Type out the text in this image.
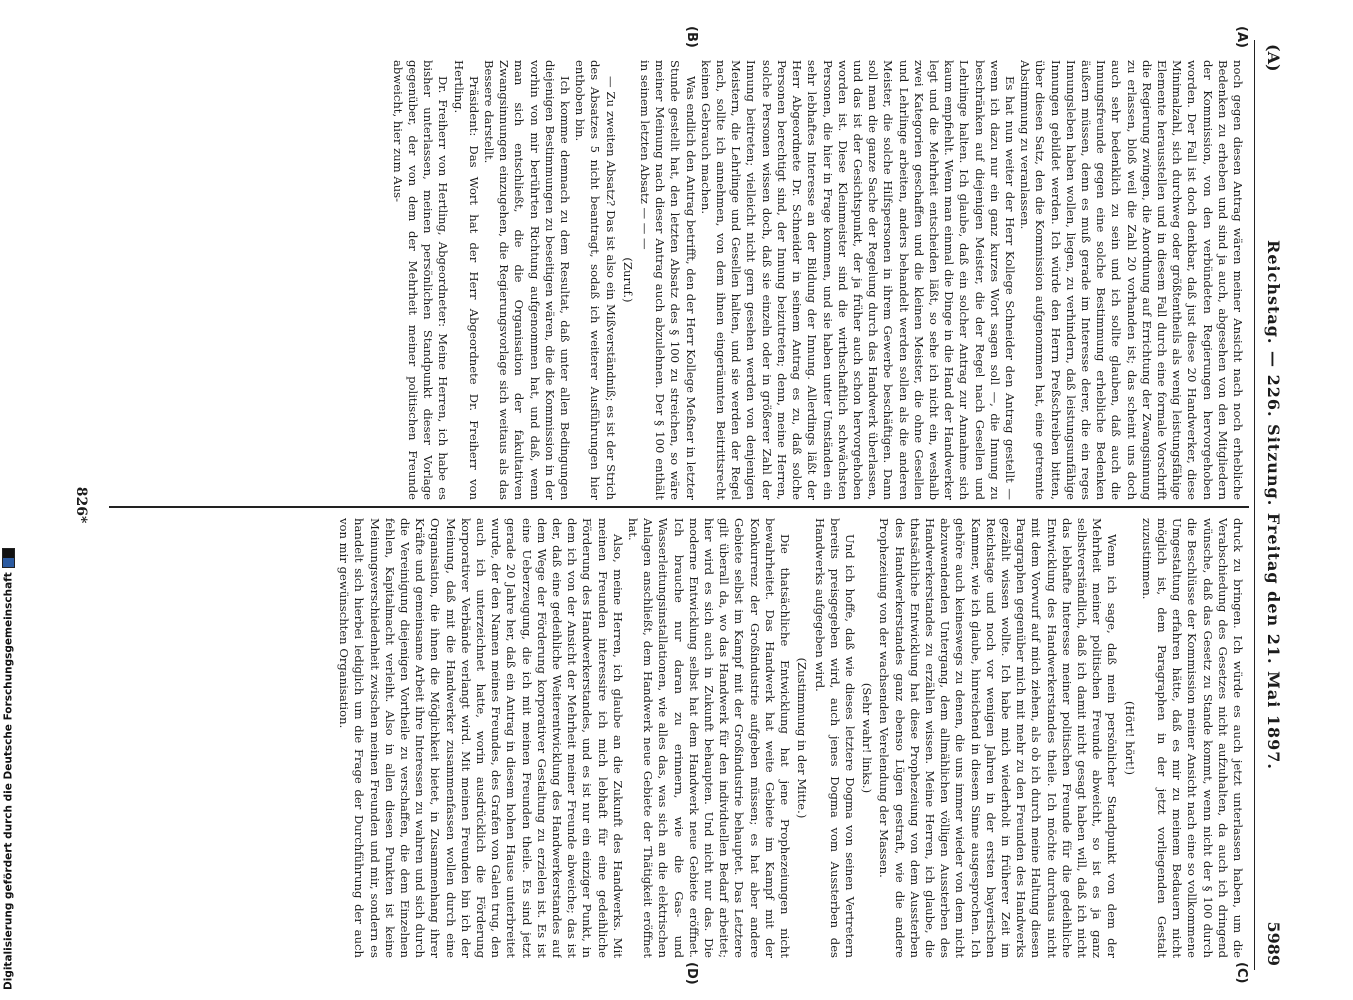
(A)
Reichstag. — 226. Sitzung. Freitag den 21. Mai 1897.
5989
(A)
(B)
(C)
(D)

noch gegen diesen Antrag wären meiner Ansicht nach noch erhebliche Bedenken zu erheben und sind ja auch, abgesehen von den Mitgliedern der Kommission, von den verbündeten Regierungen hervorgehoben worden. Der Fall ist doch denkbar, daß just diese 20 Handwerker, diese Minimalzahl, sich durchweg oder größtentheils als wenig leistungsfähige Elemente herausstellen und in diesem Fall durch eine formale Vorschrift die Regierung zwingen, die Anordnung auf Errichtung der Zwangsinnung zu erlassen, bloß weil die Zahl 20 vorhanden ist; das scheint uns doch auch sehr bedenklich zu sein und ich sollte glauben, daß auch die Innungsfreunde gegen eine solche Bestimmung erhebliche Bedenken äußern müssen, denn es muß gerade im Interesse derer, die ein reges Innungsleben haben wollen, liegen, zu verhindern, daß leistungsunfähige Innungen gebildet werden. Ich würde den Herrn Preßschreiben bitten, über diesen Satz, den die Kommission aufgenommen hat, eine getrennte Abstimmung zu veranlassen.

Es hat nun weiter der Herr Kollege Schneider den Antrag gestellt — wenn ich dazu nur ein ganz kurzes Wort sagen soll —, die Innung zu beschränken auf diejenigen Meister, die der Regel nach Gesellen und Lehrlinge halten. Ich glaube, daß ein solcher Antrag zur Annahme sich kaum empfiehlt. Wenn man einmal die Dinge in die Hand der Handwerker legt und die Mehrheit entscheiden läßt, so sehe ich nicht ein, weshalb zwei Kategorien geschaffen und die kleinen Meister, die ohne Gesellen und Lehrlinge arbeiten, anders behandelt werden sollen als die anderen Meister, die solche Hilfspersonen in ihrem Gewerbe beschäftigen. Dann soll man die ganze Sache der Regelung durch das Handwerk überlassen, und das ist der Gesichtspunkt, der ja früher auch schon hervorgehoben worden ist. Diese Kleinmeister sind die wirthschaftlich schwächsten Personen, die hier in Frage kommen, und sie haben unter Umständen ein sehr lebhaftes Interesse an der Bildung der Innung. Allerdings läßt der Herr Abgeordnete Dr. Schneider in seinem Antrag es zu, daß solche Personen berechtigt sind, der Innung beizutreten; denn, meine Herren, solche Personen wissen doch, daß sie einzeln oder in größerer Zahl der Innung beitreten; vielleicht nicht gern gesehen werden von denjenigen Meistern, die Lehrlinge und Gesellen halten, und sie werden der Regel nach, sollte ich annehmen, von dem ihnen eingeräumten Beitrittsrecht keinen Gebrauch machen.

Was endlich den Antrag betrifft, den der Herr Kollege Meßner in letzter Stunde gestellt hat, den letzten Absatz des § 100 zu streichen, so wäre meiner Meinung nach dieser Antrag auch abzulehnen. Der § 100 enthält in seinem letzten Absatz — — —

(Zuruf.)

— Zu zweiten Absatz? Das ist also ein Mißverständniß; es ist der Strich des Absatzes 5 nicht beantragt, sodaß ich weiterer Ausführungen hier enthoben bin.

Ich komme demnach zu dem Resultat, daß unter allen Bedingungen diejenigen Bestimmungen zu beseitigen wären, die die Kommission in der vorhin von mir berührten Richtung aufgenommen hat, und daß, wenn man sich entschließt, die die Organisation der fakultativen Zwangsinnungen einzugehen, die Regierungsvorlage sich weitaus als das Bessere darstellt.

Präsident: Das Wort hat der Herr Abgeordnete Dr. Freiherr von Hertling.

Dr. Freiherr von Hertling, Abgeordneter: Meine Herren, ich habe es bisher unterlassen, meinen persönlichen Standpunkt dieser Vorlage gegenüber, der von dem der Mehrheit meiner politischen Freunde abweicht, hier zum Aus-

druck zu bringen. Ich würde es auch jetzt unterlassen haben, um die Verabschiedung des Gesetzes nicht aufzuhalten, da auch ich dringend wünsche, daß das Gesetz zu Stande kommt, wenn nicht der § 100 durch die Beschlüsse der Kommission meiner Ansicht nach eine so vollkommene Umgestaltung erfahren hätte, daß es mir zu meinem Bedauern nicht möglich ist, dem Paragraphen in der jetzt vorliegenden Gestalt zuzustimmen.

(Hört! hört!)

Wenn ich sage, daß mein persönlicher Standpunkt von dem der Mehrheit meiner politischen Freunde abweicht, so ist es ja ganz selbstverständlich, daß ich damit nicht gesagt haben will, daß ich nicht das lebhafte Interesse meiner politischen Freunde für die gedeihliche Entwicklung des Handwerkerstandes theile. Ich möchte durchaus nicht mit dem Vorwurf auf mich ziehen, als ob ich durch meine Haltung diesen Paragraphen gegenüber mich mit mehr zu den Freunden des Handwerks gezählt wissen wollte. Ich habe mich wiederholt in früherer Zeit im Reichstage und noch vor wenigen Jahren in der ersten bayerischen Kammer, wie ich glaube, hinreichend in diesem Sinne ausgesprochen. Ich gehöre auch keineswegs zu denen, die uns immer wieder von dem nicht abzuwendenden Untergang, dem allmählichen völligen Aussterben des Handwerkerstandes zu erzählen wissen. Meine Herren, ich glaube, die thatsächliche Entwicklung hat diese Prophezeiung von dem Aussterben des Handwerkerstandes ganz ebenso Lügen gestraft, wie die andere Prophezeiung von der wachsenden Verelendung der Massen.

(Sehr wahr! links.)

Und ich hoffe, daß wie dieses letztere Dogma von seinen Vertretern bereits preisgegeben wird, auch jenes Dogma vom Aussterben des Handwerks aufgegeben wird.

(Zustimmung in der Mitte.)

Die thatsächliche Entwicklung hat jene Prophezeiungen nicht bewahrheitet. Das Handwerk hat weite Gebiete im Kampf mit der Konkurrenz der Großindustrie aufgeben müssen; es hat aber andere Gebiete selbst im Kampf mit der Großindustrie behauptet. Das Letztere gilt überall da, wo das Handwerk für den individuellen Bedarf arbeitet; hier wird es sich auch in Zukunft behaupten. Und nicht nur das. Die moderne Entwicklung selbst hat dem Handwerk neue Gebiete eröffnet. Ich brauche nur daran zu erinnern, wie die Gas- und Wasserleitungsinstallationen, wie alles das, was sich an die elektrischen Anlagen anschließt, dem Handwerk neue Gebiete der Thätigkeit eröffnet hat.

Also, meine Herren, ich glaube an die Zukunft des Handwerks. Mit meinen Freunden interessire ich mich lebhaft für eine gedeihliche Förderung des Handwerkerstandes, und es ist nur ein einziger Punkt, in dem ich von der Ansicht der Mehrheit meiner Freunde abweiche; das ist der, daß eine gedeihliche Weiterentwicklung des Handwerkerstandes auf dem Wege der Förderung korporativer Gestaltung zu erzielen ist. Es ist eine Ueberzeugung, die ich mit meinen Freunden theile. Es sind jetzt gerade 20 Jahre her, daß ein Antrag in diesem hohen Hause unterbreitet wurde, der den Namen meines Freundes, des Grafen von Galen trug, den auch ich unterzeichnet hatte, worin ausdrücklich die Förderung korporativer Verbände verlangt wird. Mit meinen Freunden bin ich der Meinung, daß mit die Handwerker zusammenfassen wollen durch eine Organisation, die ihnen die Möglichkeit bietet, in Zusammenhang ihrer Kräfte und gemeinsame Arbeit ihre Interessen zu wahren und sich durch die Vereinigung diejenigen Vortheile zu verschaffen, die dem Einzelnen fehlen, Kapitalmacht verleiht. Also in allen diesen Punkten ist keine Meinungsverschiedenheit zwischen meinen Freunden und mir, sondern es handelt sich hierbei lediglich um die Frage der Durchführung der auch von mir gewünschten Organisation.

826*
Digitalisierung gefördert durch die Deutsche Forschungsgemeinschaft
